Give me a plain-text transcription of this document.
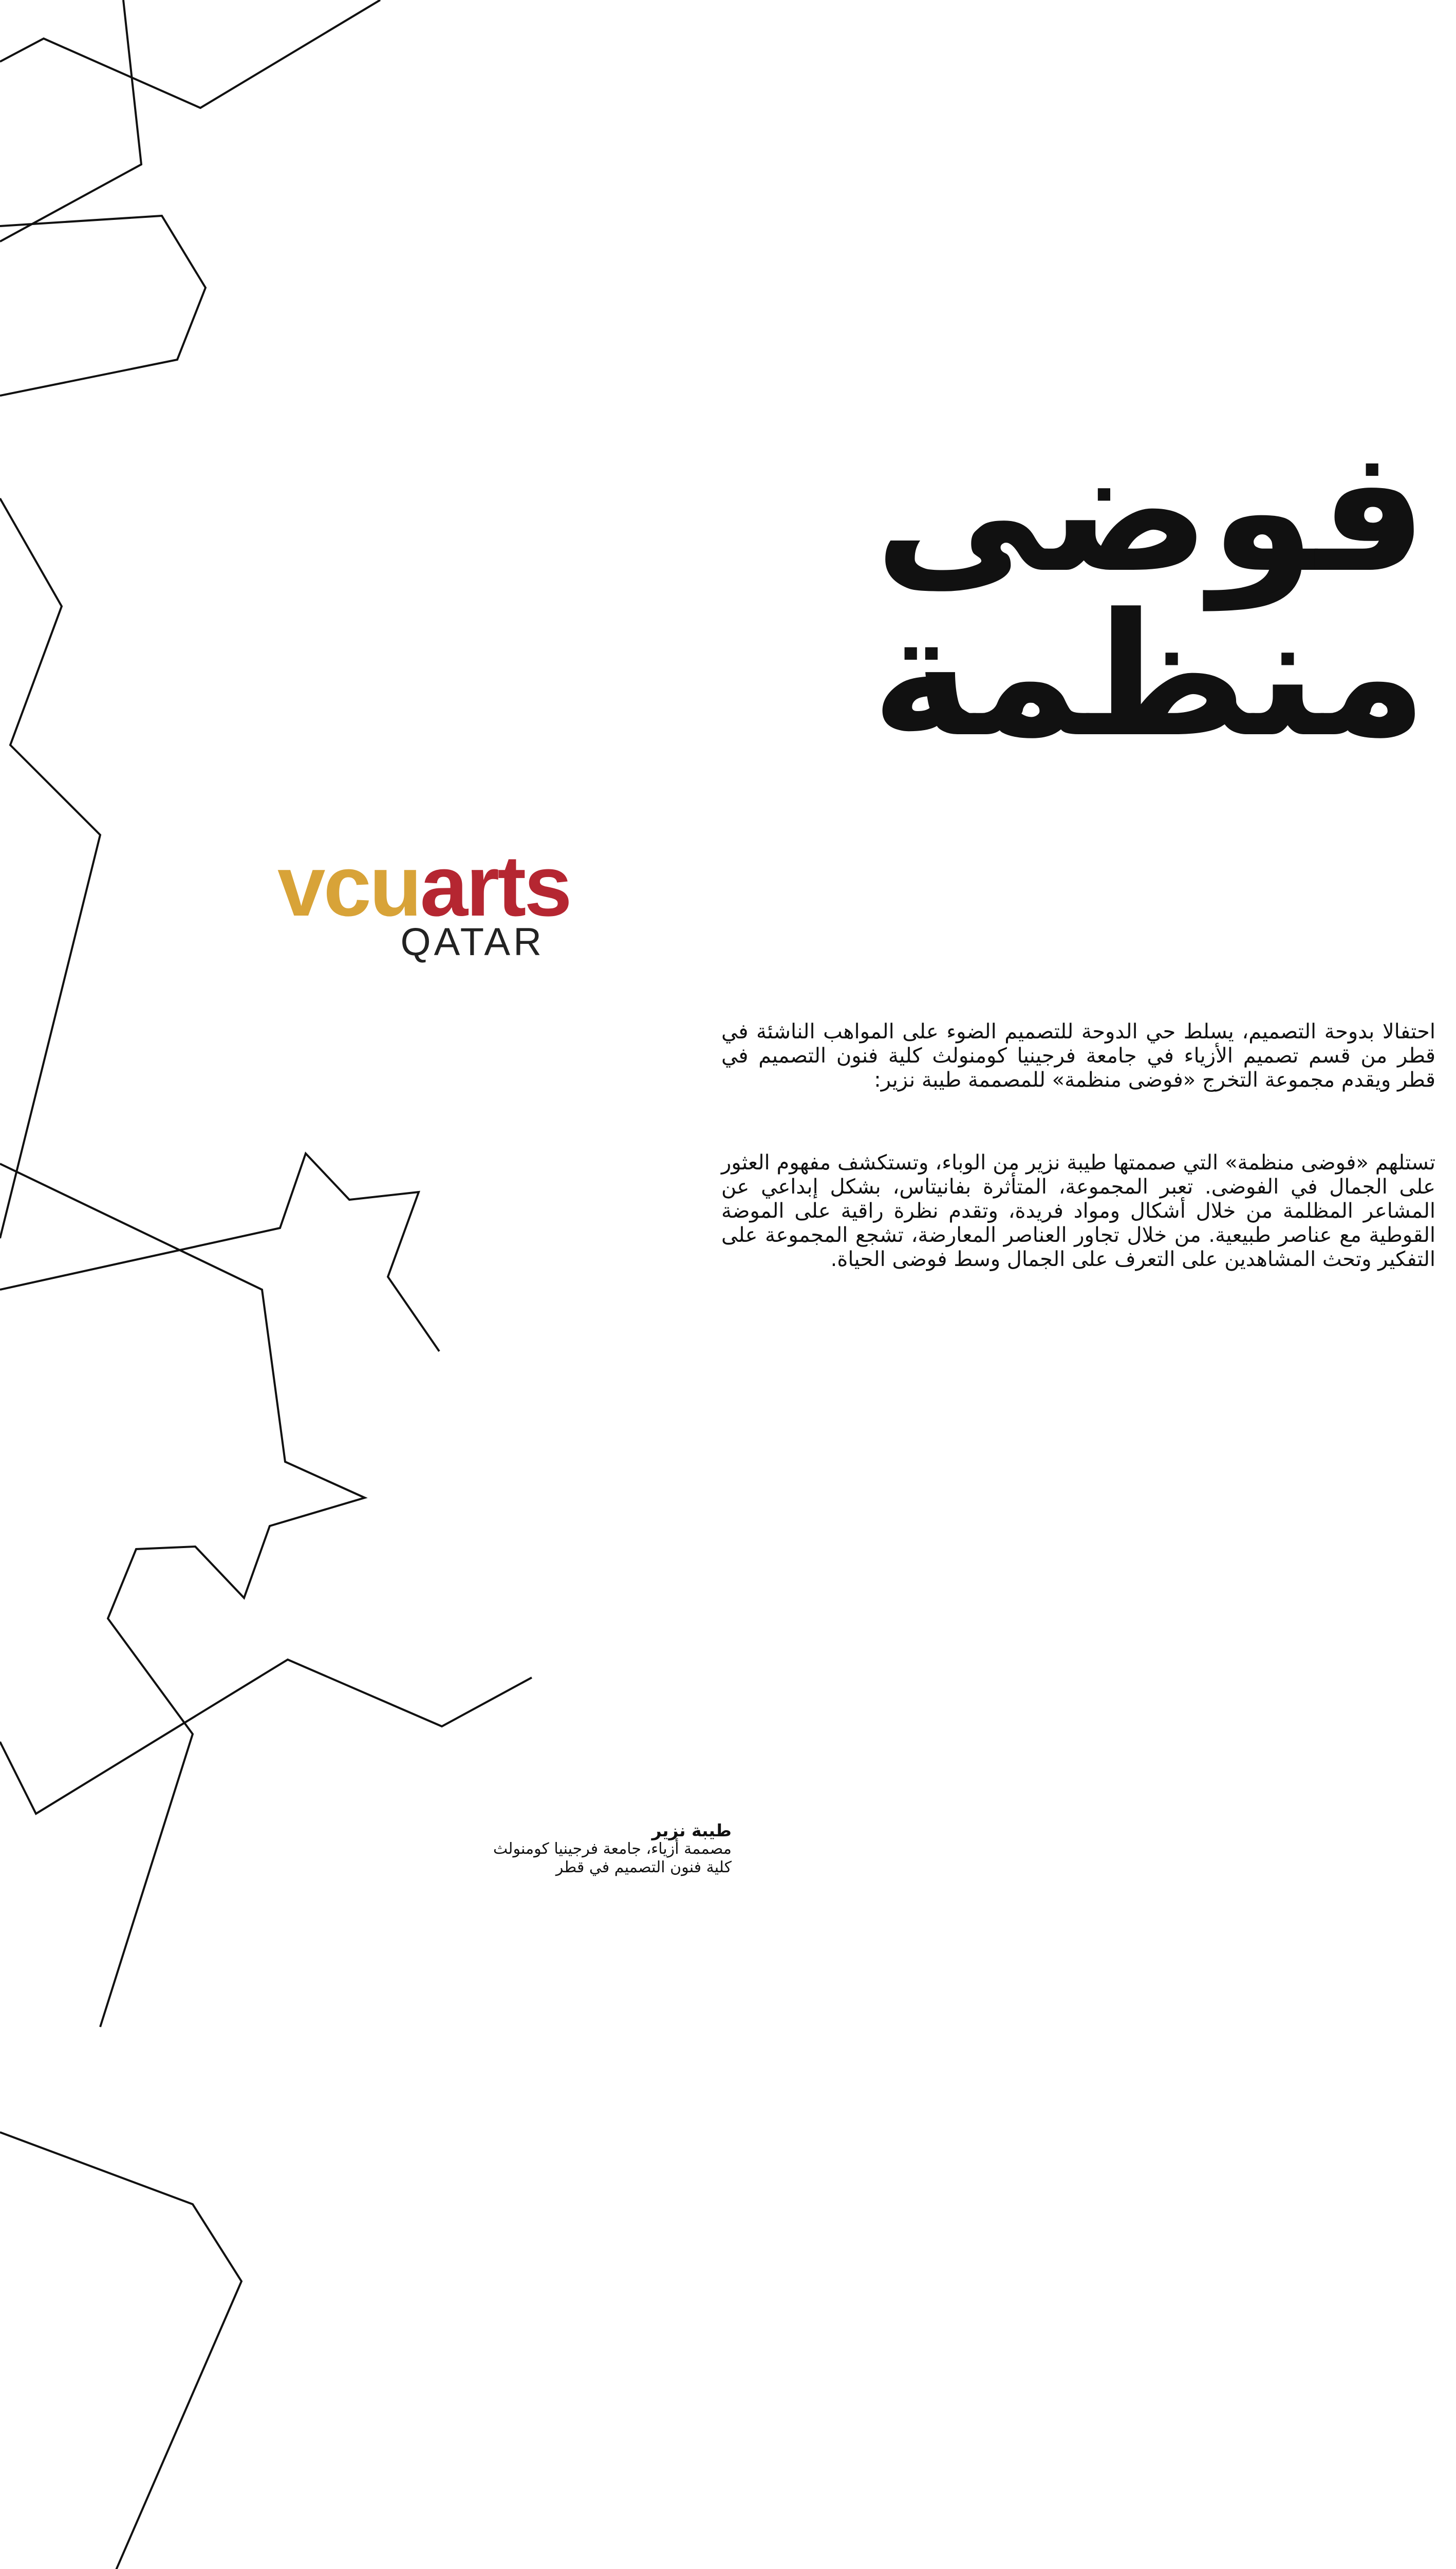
فوضى
منظمة
vcuarts
QATAR

احتفالا بدوحة التصميم، يسلط حي الدوحة للتصميم الضوء على المواهب الناشئة في قطر من قسم تصميم الأزياء في جامعة فرجينيا كومنولث كلية فنون التصميم في قطر ويقدم مجموعة التخرج «فوضى منظمة» للمصممة طيبة نزير:

تستلهم «فوضى منظمة» التي صممتها طيبة نزير من الوباء، وتستكشف مفهوم العثور على الجمال في الفوضى. تعبر المجموعة، المتأثرة بفانيتاس، بشكل إبداعي عن المشاعر المظلمة من خلال أشكال ومواد فريدة، وتقدم نظرة راقية على الموضة القوطية مع عناصر طبيعية. من خلال تجاور العناصر المعارضة، تشجع المجموعة على التفكير وتحث المشاهدين على التعرف على الجمال وسط فوضى الحياة.

طيبة نزير
مصممة أزياء، جامعة فرجينيا كومنولث
كلية فنون التصميم في قطر
